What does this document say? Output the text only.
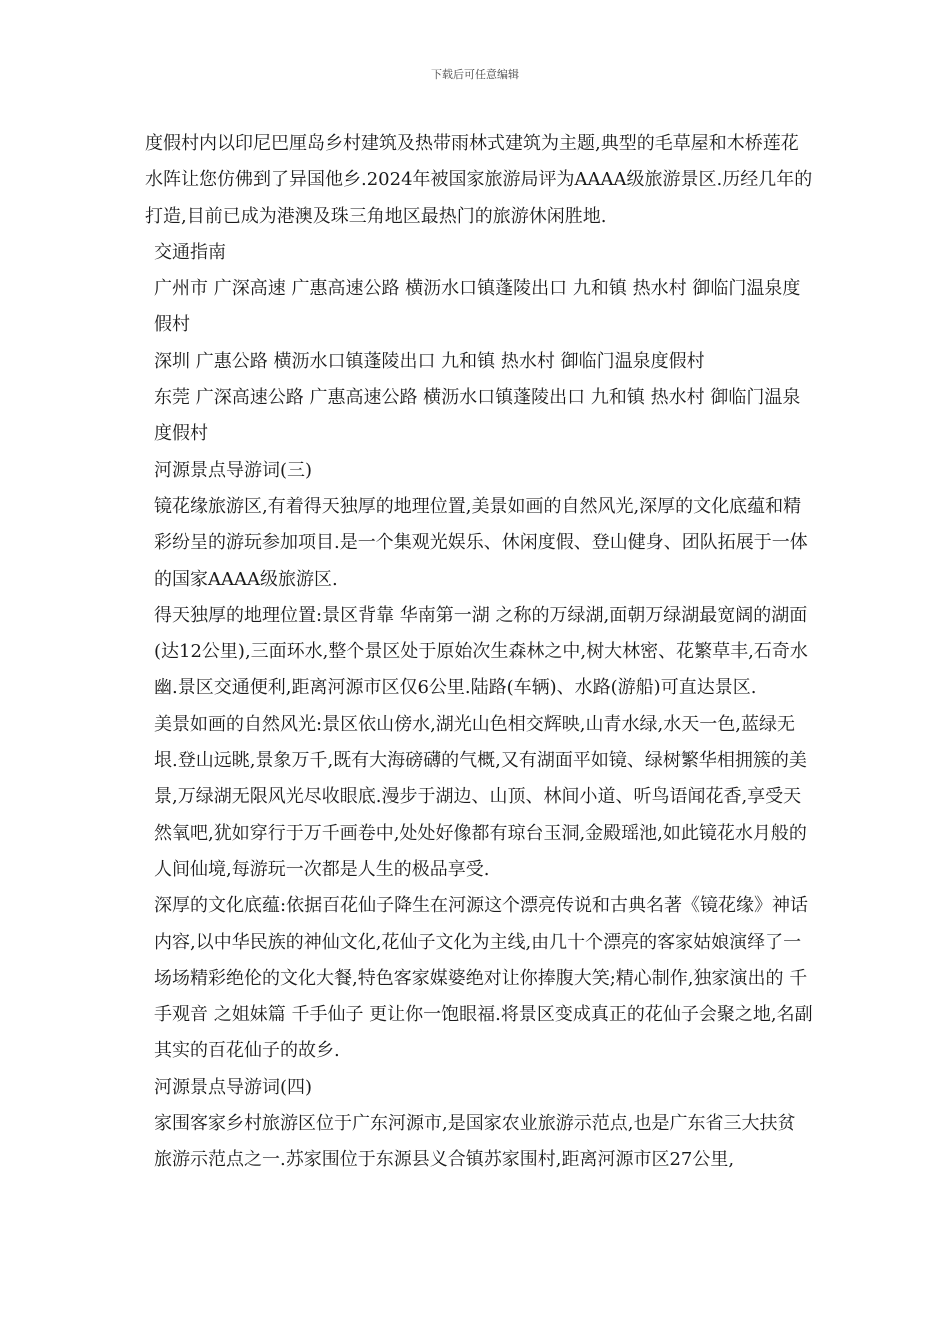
下载后可任意编辑

度假村内以印尼巴厘岛乡村建筑及热带雨林式建筑为主题,典型的毛草屋和木桥莲花水阵让您仿佛到了异国他乡.2024年被国家旅游局评为AAAA级旅游景区.历经几年的打造,目前已成为港澳及珠三角地区最热门的旅游休闲胜地.

交通指南

广州市 广深高速 广惠高速公路 横沥水口镇蓬陵出口 九和镇 热水村 御临门温泉度假村

深圳 广惠公路 横沥水口镇蓬陵出口 九和镇 热水村 御临门温泉度假村

东莞 广深高速公路 广惠高速公路 横沥水口镇蓬陵出口 九和镇 热水村 御临门温泉度假村

河源景点导游词(三)

镜花缘旅游区,有着得天独厚的地理位置,美景如画的自然风光,深厚的文化底蕴和精彩纷呈的游玩参加项目.是一个集观光娱乐、休闲度假、登山健身、团队拓展于一体的国家AAAA级旅游区.

得天独厚的地理位置:景区背靠 华南第一湖 之称的万绿湖,面朝万绿湖最宽阔的湖面(达12公里),三面环水,整个景区处于原始次生森林之中,树大林密、花繁草丰,石奇水幽.景区交通便利,距离河源市区仅6公里.陆路(车辆)、水路(游船)可直达景区.

美景如画的自然风光:景区依山傍水,湖光山色相交辉映,山青水绿,水天一色,蓝绿无垠.登山远眺,景象万千,既有大海磅礴的气概,又有湖面平如镜、绿树繁华相拥簇的美景,万绿湖无限风光尽收眼底.漫步于湖边、山顶、林间小道、听鸟语闻花香,享受天然氧吧,犹如穿行于万千画卷中,处处好像都有琼台玉洞,金殿瑶池,如此镜花水月般的人间仙境,每游玩一次都是人生的极品享受.

深厚的文化底蕴:依据百花仙子降生在河源这个漂亮传说和古典名著《镜花缘》神话内容,以中华民族的神仙文化,花仙子文化为主线,由几十个漂亮的客家姑娘演绎了一场场精彩绝伦的文化大餐,特色客家媒婆绝对让你捧腹大笑;精心制作,独家演出的 千手观音 之姐妹篇 千手仙子 更让你一饱眼福.将景区变成真正的花仙子会聚之地,名副其实的百花仙子的故乡.

河源景点导游词(四)

家围客家乡村旅游区位于广东河源市,是国家农业旅游示范点,也是广东省三大扶贫旅游示范点之一.苏家围位于东源县义合镇苏家围村,距离河源市区27公里,
